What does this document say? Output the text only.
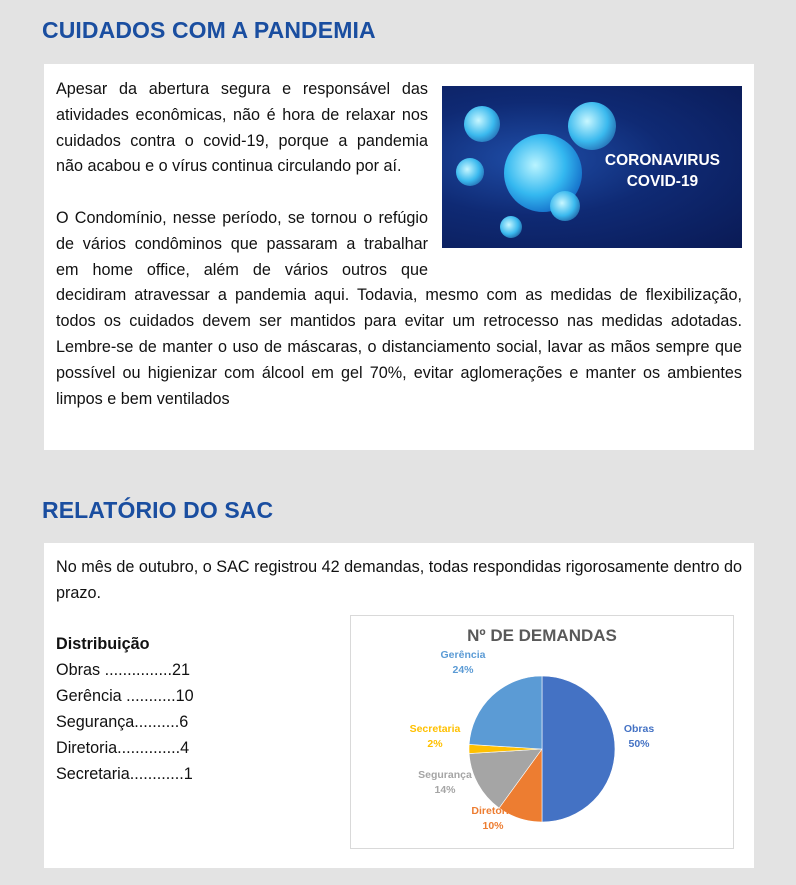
CUIDADOS COM A PANDEMIA
CORONAVIRUS
COVID-19

Apesar da abertura segura e responsável das atividades econômicas, não é hora de relaxar nos cuidados contra o covid-19, porque a pandemia não acabou e o vírus continua circulando por aí.

O Condomínio, nesse período, se tornou o refúgio de vários condôminos que passaram a trabalhar em home office, além de vários outros que decidiram atravessar a pandemia aqui. Todavia, mesmo com as medidas de flexibilização, todos os cuidados devem ser mantidos para evitar um retrocesso nas medidas adotadas. Lembre-se de manter o uso de máscaras, o distanciamento social, lavar as mãos sempre que possível ou higienizar com álcool em gel 70%, evitar aglomerações e manter os ambientes limpos e bem ventilados

RELATÓRIO DO SAC
No mês de outubro, o SAC registrou 42 demandas, todas respondidas rigorosamente dentro do prazo.
Distribuição
Obras ...............21
Gerência ...........10
Segurança..........6
Diretoria..............4
Secretaria............1
Nº DE DEMANDAS
Obras
50%
Diretoria
10%
Segurança
14%
Secretaria
2%
Gerência
24%
